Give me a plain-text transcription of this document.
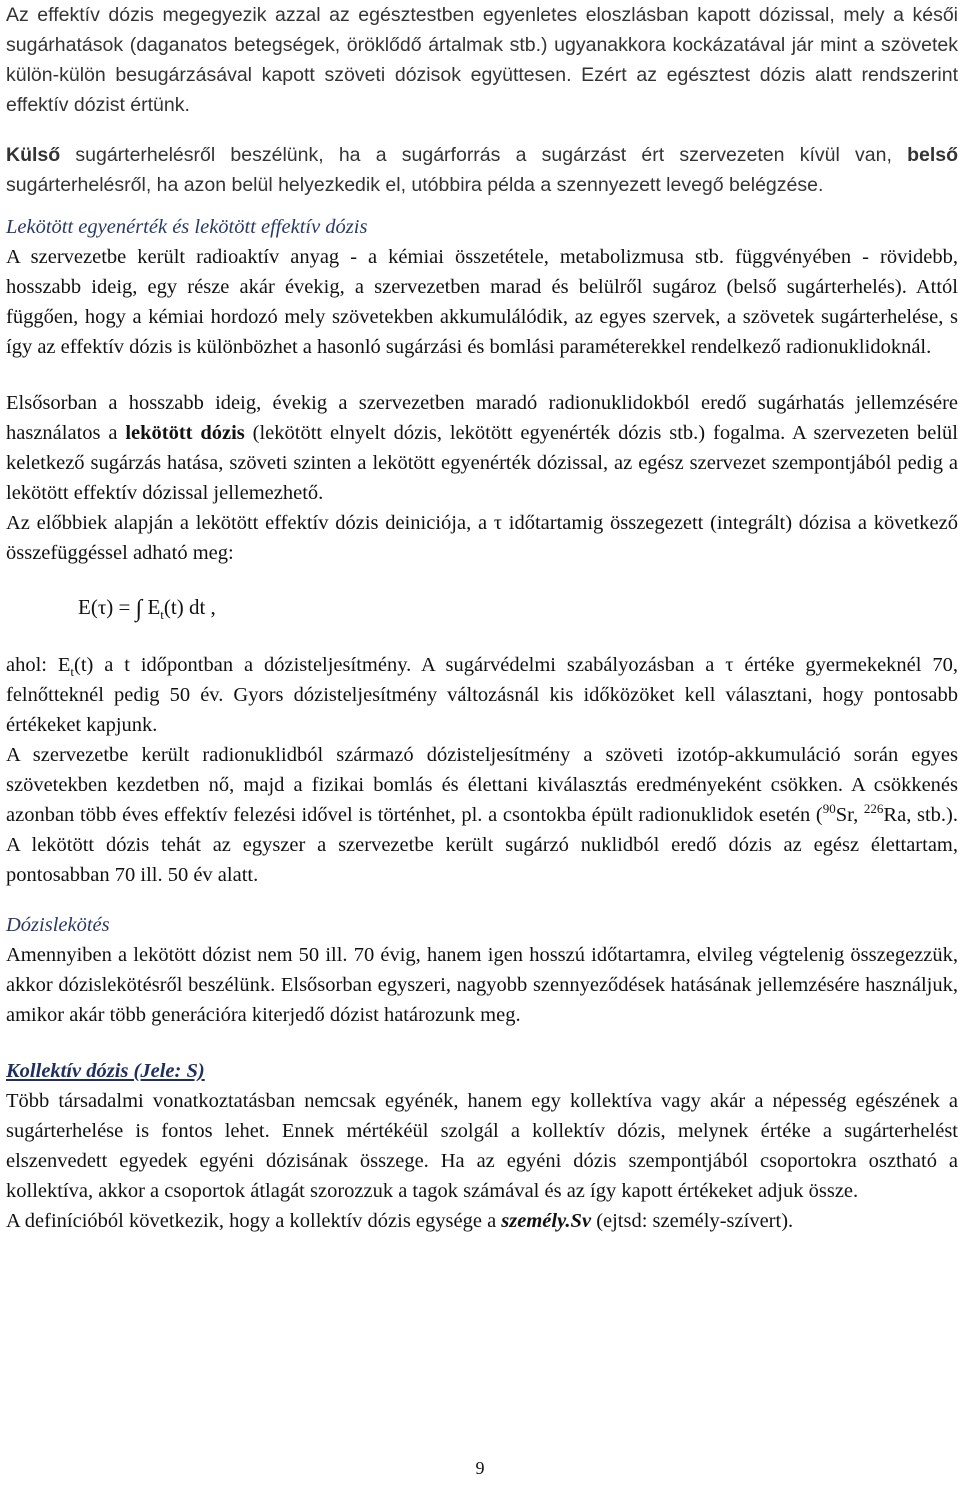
Az effektív dózis megegyezik azzal az egésztestben egyenletes eloszlásban kapott dózissal, mely a késői sugárhatások (daganatos betegségek, öröklődő ártalmak stb.) ugyanakkora kockázatával jár mint a szövetek külön-külön besugárzásával kapott szöveti dózisok együttesen. Ezért az egésztest dózis alatt rendszerint effektív dózist értünk.

Külső sugárterhelésről beszélünk, ha a sugárforrás a sugárzást ért szervezeten kívül van, belső sugárterhelésről, ha azon belül helyezkedik el, utóbbira példa a szennyezett levegő belégzése.

Lekötött egyenérték és lekötött effektív dózis

A szervezetbe került radioaktív anyag - a kémiai összetétele, metabolizmusa stb. függvényében - rövidebb, hosszabb ideig, egy része akár évekig, a szervezetben marad és belülről sugároz (belső sugárterhelés). Attól függően, hogy a kémiai hordozó mely szövetekben akkumulálódik, az egyes szervek, a szövetek sugárterhelése, s így az effektív dózis is különbözhet a hasonló sugárzási és bomlási paraméterekkel rendelkező radionuklidoknál.

Elsősorban a hosszabb ideig, évekig a szervezetben maradó radionuklidokból eredő sugárhatás jellemzésére használatos a lekötött dózis (lekötött elnyelt dózis, lekötött egyenérték dózis stb.) fogalma. A szervezeten belül keletkező sugárzás hatása, szöveti szinten a lekötött egyenérték dózissal, az egész szervezet szempontjából pedig a lekötött effektív dózissal jellemezhető.

Az előbbiek alapján a lekötött effektív dózis deiniciója, a τ időtartamig összegezett (integrált) dózisa a következő összefüggéssel adható meg:

E(τ) = ∫ $E_t(t)$ dt ,

ahol: $E_t(t)$ a t időpontban a dózisteljesítmény. A sugárvédelmi szabályozásban a τ értéke gyermekeknél 70, felnőtteknél pedig 50 év. Gyors dózisteljesítmény változásnál kis időközöket kell választani, hogy pontosabb értékeket kapjunk.

A szervezetbe került radionuklidból származó dózisteljesítmény a szöveti izotóp-akkumuláció során egyes szövetekben kezdetben nő, majd a fizikai bomlás és élettani kiválasztás eredményeként csökken. A csökkenés azonban több éves effektív felezési idővel is történhet, pl. a csontokba épült radionuklidok esetén ($^{90}$Sr, $^{226}$Ra, stb.). A lekötött dózis tehát az egyszer a szervezetbe került sugárzó nuklidból eredő dózis az egész élettartam, pontosabban 70 ill. 50 év alatt.

Dózislekötés

Amennyiben a lekötött dózist nem 50 ill. 70 évig, hanem igen hosszú időtartamra, elvileg végtelenig összegezzük, akkor dózislekötésről beszélünk. Elsősorban egyszeri, nagyobb szennyeződések hatásának jellemzésére használjuk, amikor akár több generációra kiterjedő dózist határozunk meg.

Kollektív dózis (Jele: S)

Több társadalmi vonatkoztatásban nemcsak egyénék, hanem egy kollektíva vagy akár a népesség egészének a sugárterhelése is fontos lehet. Ennek mértékéül szolgál a kollektív dózis, melynek értéke a sugárterhelést elszenvedett egyedek egyéni dózisának összege. Ha az egyéni dózis szempontjából csoportokra osztható a kollektíva, akkor a csoportok átlagát szorozzuk a tagok számával és az így kapott értékeket adjuk össze.

A definícióból következik, hogy a kollektív dózis egysége a személy.Sv (ejtsd: személy-szívert).

9
